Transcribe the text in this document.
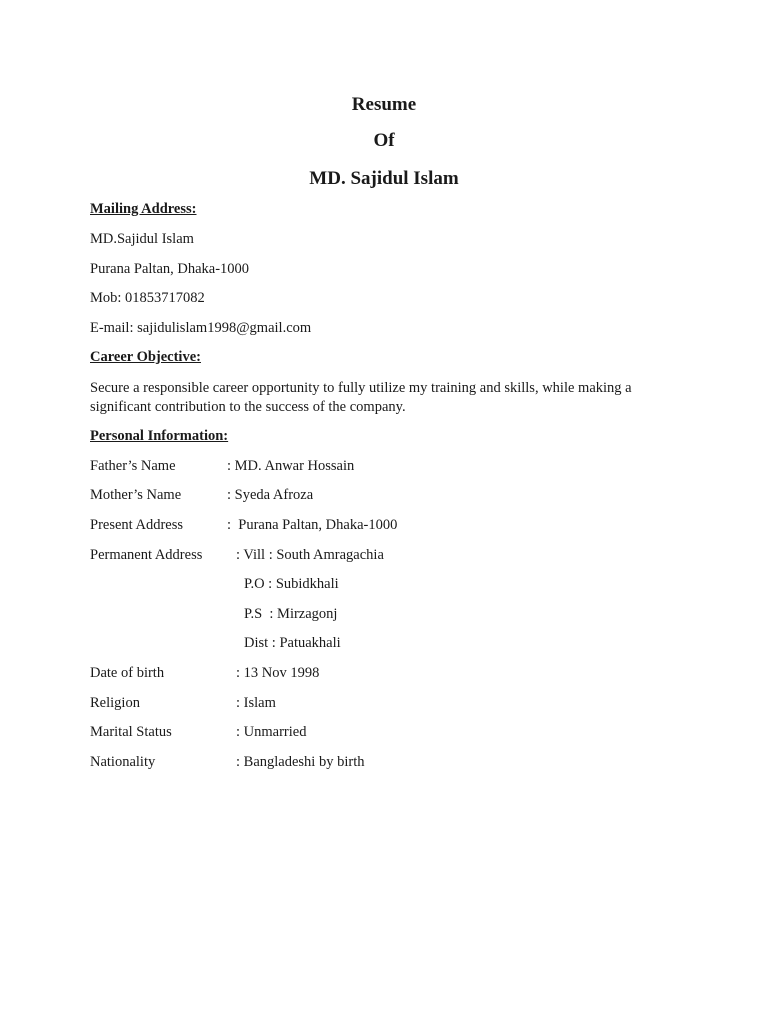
Resume

Of

MD. Sajidul Islam

Mailing Address:

MD.Sajidul Islam

Purana Paltan, Dhaka-1000

Mob: 01853717082

E-mail: sajidulislam1998@gmail.com

Career Objective:

Secure a responsible career opportunity to fully utilize my training and skills, while making a
significant contribution to the success of the company.

Personal Information:

Father’s Name	: MD. Anwar Hossain
Mother’s Name	: Syeda Afroza
Present Address	:  Purana Paltan, Dhaka-1000
Permanent Address : Vill : South Amragachia
P.O : Subidkhali
P.S  : Mirzagonj
Dist : Patuakhali
Date of birth	: 13 Nov 1998
Religion	: Islam
Marital Status	: Unmarried
Nationality	: Bangladeshi by birth
